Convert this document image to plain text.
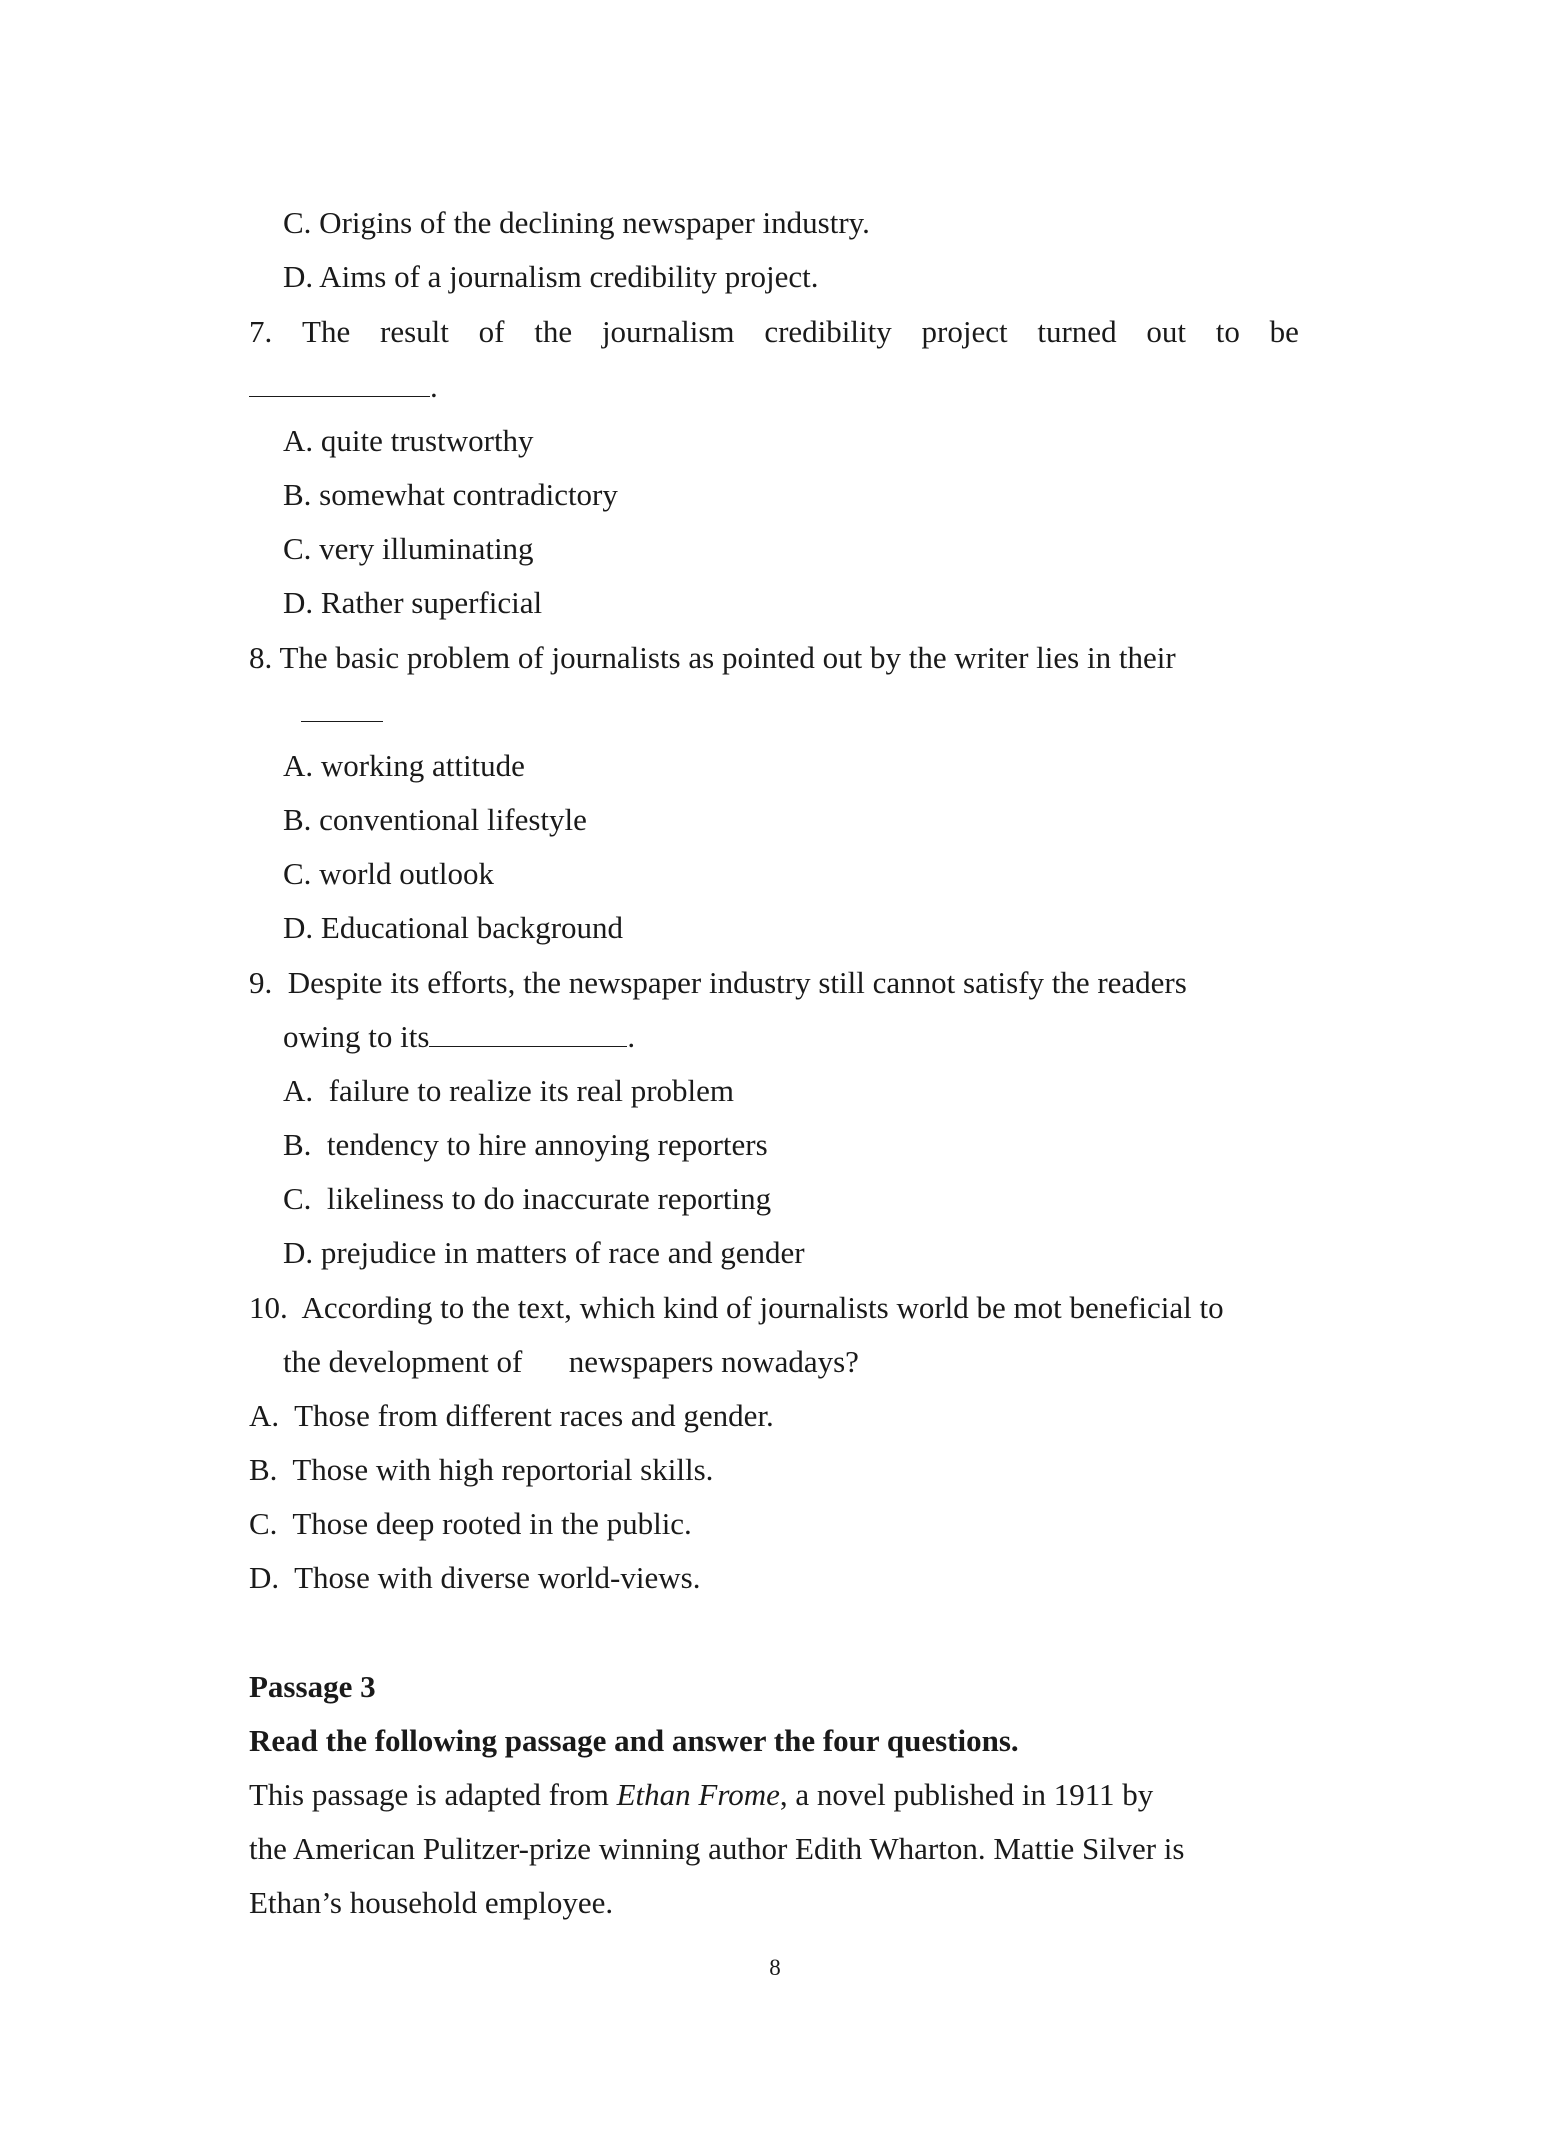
C. Origins of the declining newspaper industry.
D. Aims of a journalism credibility project.
7. The result of the journalism credibility project turned out to be
.
A. quite trustworthy
B. somewhat contradictory
C. very illuminating
D. Rather superficial
8. The basic problem of journalists as pointed out by the writer lies in their
A. working attitude
B. conventional lifestyle
C. world outlook
D. Educational background
9.  Despite its efforts, the newspaper industry still cannot satisfy the readers
owing to its	.
A.  failure to realize its real problem
B.  tendency to hire annoying reporters
C.  likeliness to do inaccurate reporting
D. prejudice in matters of race and gender
10.  According to the text, which kind of journalists world be mot beneficial to
the development of      newspapers nowadays?
A.  Those from different races and gender.
B.  Those with high reportorial skills.
C.  Those deep rooted in the public.
D.  Those with diverse world-views.
Passage 3
Read the following passage and answer the four questions.
This passage is adapted from Ethan Frome, a novel published in 1911 by
the American Pulitzer-prize winning author Edith Wharton. Mattie Silver is
Ethan’s household employee.
8
